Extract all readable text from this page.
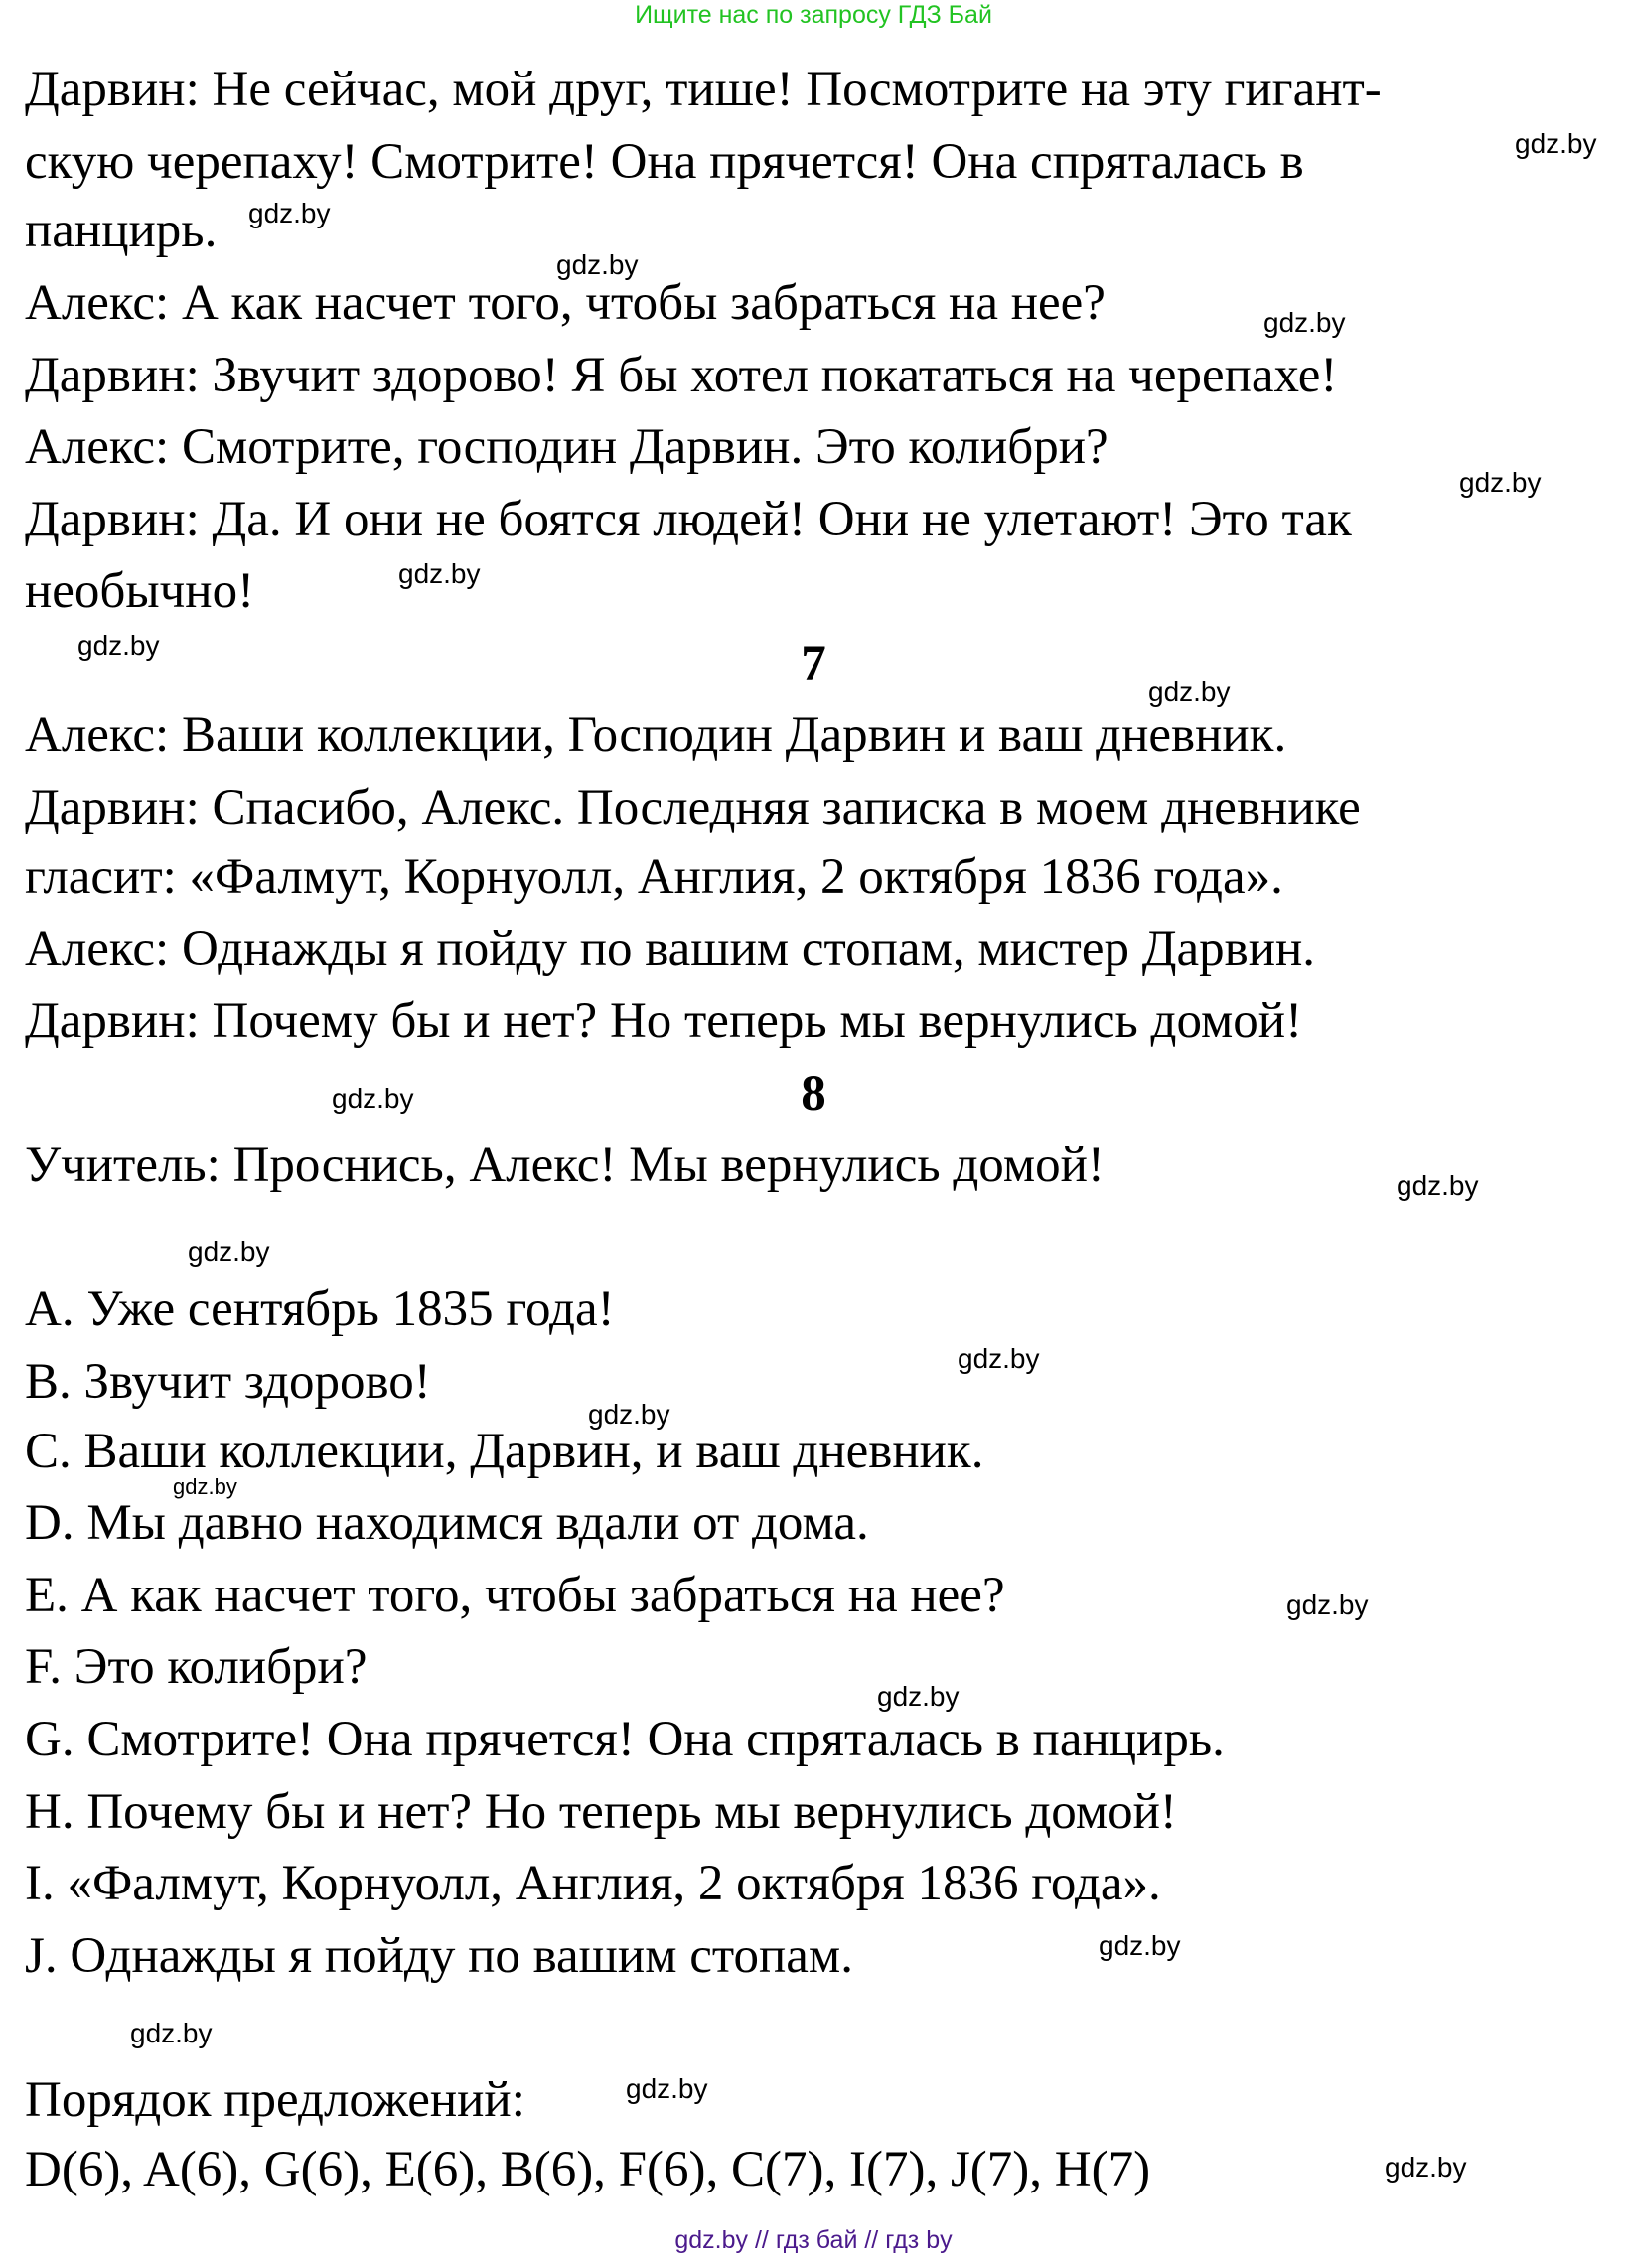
Ищите нас по запросу ГДЗ Бай
Дарвин: Не сейчас, мой друг, тише! Посмотрите на эту гигант-
скую черепаху! Смотрите! Она прячется! Она спряталась в
панцирь.
Алекс: А как насчет того, чтобы забраться на нее?
Дарвин: Звучит здорово! Я бы хотел покататься на черепахе!
Алекс: Смотрите, господин Дарвин. Это колибри?
Дарвин: Да. И они не боятся людей! Они не улетают! Это так
необычно!
7
Алекс: Ваши коллекции, Господин Дарвин и ваш дневник.
Дарвин: Спасибо, Алекс. Последняя записка в моем дневнике
гласит: «Фалмут, Корнуолл, Англия, 2 октября 1836 года».
Алекс: Однажды я пойду по вашим стопам, мистер Дарвин.
Дарвин: Почему бы и нет? Но теперь мы вернулись домой!
8
Учитель: Проснись, Алекс! Мы вернулись домой!
A. Уже сентябрь 1835 года!
B. Звучит здорово!
C. Ваши коллекции, Дарвин, и ваш дневник.
D. Мы давно находимся вдали от дома.
E. А как насчет того, чтобы забраться на нее?
F. Это колибри?
G. Смотрите! Она прячется! Она спряталась в панцирь.
H. Почему бы и нет? Но теперь мы вернулись домой!
I. «Фалмут, Корнуолл, Англия, 2 октября 1836 года».
J. Однажды я пойду по вашим стопам.
Порядок предложений:
D(6), A(6), G(6), E(6), B(6), F(6), C(7), I(7), J(7), H(7)
gdz.by
gdz.by
gdz.by
gdz.by
gdz.by
gdz.by
gdz.by
gdz.by
gdz.by
gdz.by
gdz.by
gdz.by
gdz.by
gdz.by
gdz.by
gdz.by
gdz.by
gdz.by
gdz.by
gdz.by
gdz.by // гдз бай // гдз by
